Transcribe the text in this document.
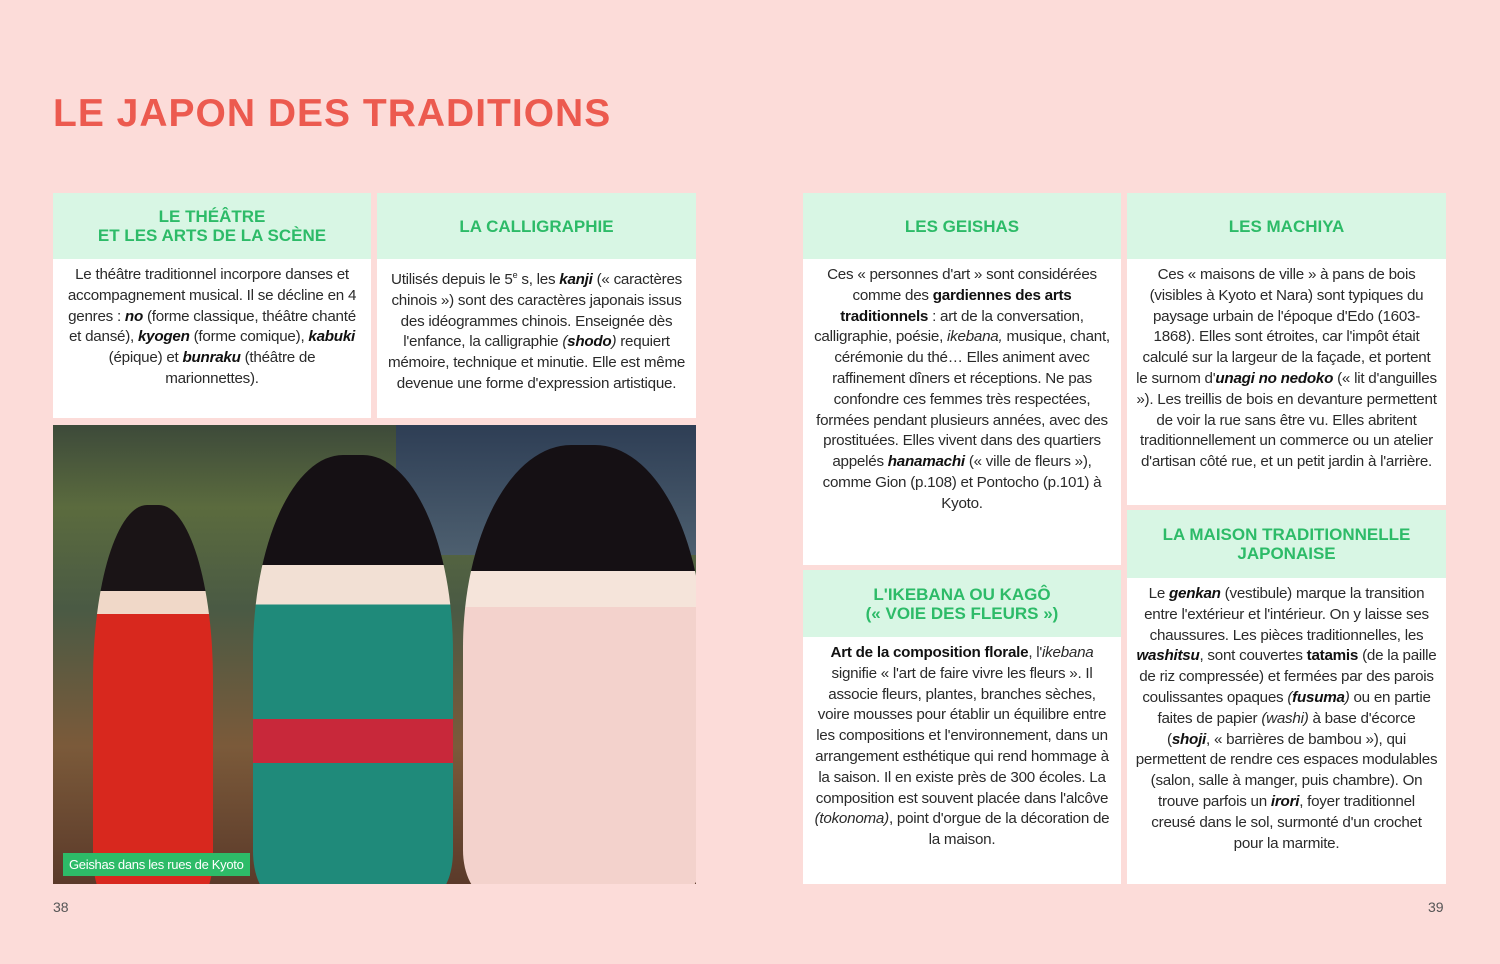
LE JAPON DES TRADITIONS
LE THÉÂTRE
ET LES ARTS DE LA SCÈNE
Le théâtre traditionnel incorpore danses et accompagnement musical. Il se décline en 4 genres : no (forme classique, théâtre chanté et dansé), kyogen (forme comique), kabuki (épique) et bunraku (théâtre de marionnettes).
LA CALLIGRAPHIE
Utilisés depuis le 5e s, les kanji (« caractères chinois ») sont des caractères japonais issus des idéogrammes chinois. Enseignée dès l'enfance, la calligraphie (shodo) requiert mémoire, technique et minutie. Elle est même devenue une forme d'expression artistique.
Geishas dans les rues de Kyoto
LES GEISHAS
Ces « personnes d'art » sont considérées comme des gardiennes des arts traditionnels : art de la conversation, calligraphie, poésie, ikebana, musique, chant, cérémonie du thé… Elles animent avec raffinement dîners et réceptions. Ne pas confondre ces femmes très respectées, formées pendant plusieurs années, avec des prostituées. Elles vivent dans des quartiers appelés hanamachi (« ville de fleurs »), comme Gion (p.108) et Pontocho (p.101) à Kyoto.
L'IKEBANA OU KAGÔ
(« VOIE DES FLEURS »)
Art de la composition florale, l'ikebana signifie « l'art de faire vivre les fleurs ». Il associe fleurs, plantes, branches sèches, voire mousses pour établir un équilibre entre les compositions et l'environnement, dans un arrangement esthétique qui rend hommage à la saison. Il en existe près de 300 écoles. La composition est souvent placée dans l'alcôve (tokonoma), point d'orgue de la décoration de la maison.
LES MACHIYA
Ces « maisons de ville » à pans de bois (visibles à Kyoto et Nara) sont typiques du paysage urbain de l'époque d'Edo (1603-1868). Elles sont étroites, car l'impôt était calculé sur la largeur de la façade, et portent le surnom d'unagi no nedoko (« lit d'anguilles »). Les treillis de bois en devanture permettent de voir la rue sans être vu. Elles abritent traditionnellement un commerce ou un atelier d'artisan côté rue, et un petit jardin à l'arrière.
LA MAISON TRADITIONNELLE
JAPONAISE
Le genkan (vestibule) marque la transition entre l'extérieur et l'intérieur. On y laisse ses chaussures. Les pièces traditionnelles, les washitsu, sont couvertes tatamis (de la paille de riz compressée) et fermées par des parois coulissantes opaques (fusuma) ou en partie faites de papier (washi) à base d'écorce (shoji, « barrières de bambou »), qui permettent de rendre ces espaces modulables (salon, salle à manger, puis chambre). On trouve parfois un irori, foyer traditionnel creusé dans le sol, surmonté d'un crochet pour la marmite.
38	39
